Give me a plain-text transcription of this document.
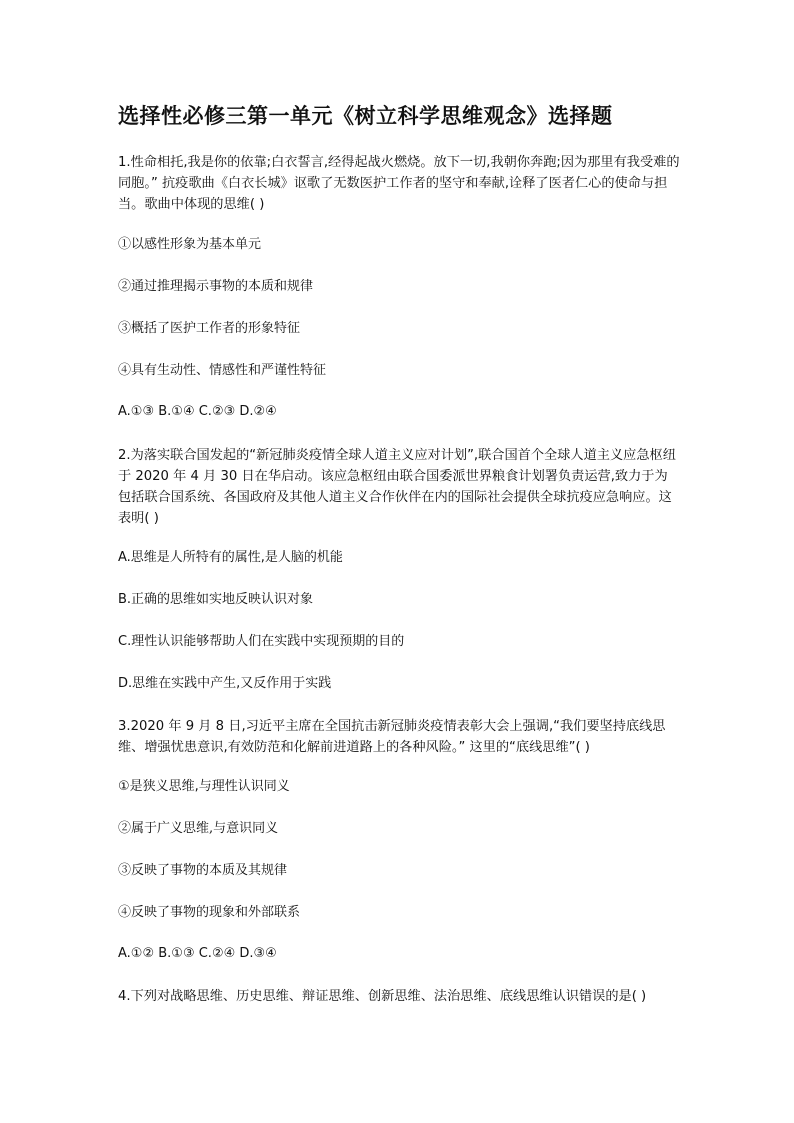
选择性必修三第一单元《树立科学思维观念》选择题
1.性命相托,我是你的依靠;白衣誓言,经得起战火燃烧。放下一切,我朝你奔跑;因为那里有我受难的同胞。” 抗疫歌曲《白衣长城》讴歌了无数医护工作者的坚守和奉献,诠释了医者仁心的使命与担当。歌曲中体现的思维( )
①以感性形象为基本单元
②通过推理揭示事物的本质和规律
③概括了医护工作者的形象特征
④具有生动性、情感性和严谨性特征
A.①③ B.①④ C.②③ D.②④
2.为落实联合国发起的“新冠肺炎疫情全球人道主义应对计划”,联合国首个全球人道主义应急枢纽于 2020 年 4 月 30 日在华启动。该应急枢纽由联合国委派世界粮食计划署负责运营,致力于为包括联合国系统、各国政府及其他人道主义合作伙伴在内的国际社会提供全球抗疫应急响应。这表明( )
A.思维是人所特有的属性,是人脑的机能
B.正确的思维如实地反映认识对象
C.理性认识能够帮助人们在实践中实现预期的目的
D.思维在实践中产生,又反作用于实践
3.2020 年 9 月 8 日,习近平主席在全国抗击新冠肺炎疫情表彰大会上强调,“我们要坚持底线思维、增强忧患意识,有效防范和化解前进道路上的各种风险。” 这里的“底线思维”( )
①是狭义思维,与理性认识同义
②属于广义思维,与意识同义
③反映了事物的本质及其规律
④反映了事物的现象和外部联系
A.①② B.①③ C.②④ D.③④
4.下列对战略思维、历史思维、辩证思维、创新思维、法治思维、底线思维认识错误的是( )
